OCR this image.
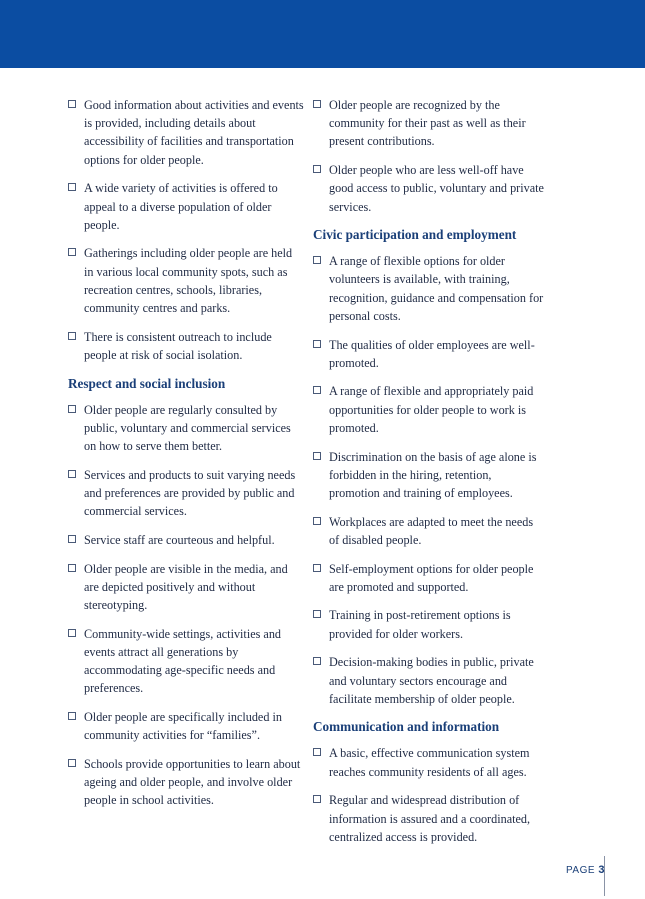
Good information about activities and events is provided, including details about accessibility of facilities and transportation options for older people.
A wide variety of activities is offered to appeal to a diverse population of older people.
Gatherings including older people are held in various local community spots, such as recreation centres, schools, libraries, community centres and parks.
There is consistent outreach to include people at risk of social isolation.
Respect and social inclusion
Older people are regularly consulted by public, voluntary and commercial services on how to serve them better.
Services and products to suit varying needs and preferences are provided by public and commercial services.
Service staff are courteous and helpful.
Older people are visible in the media, and are depicted positively and without stereotyping.
Community-wide settings, activities and events attract all generations by accommodating age-specific needs and preferences.
Older people are specifically included in community activities for “families”.
Schools provide opportunities to learn about ageing and older people, and involve older people in school activities.
Older people are recognized by the community for their past as well as their present contributions.
Older people who are less well-off have good access to public, voluntary and private services.
Civic participation and employment
A range of flexible options for older volunteers is available, with training, recognition, guidance and compensation for personal costs.
The qualities of older employees are well-promoted.
A range of flexible and appropriately paid opportunities for older people to work is promoted.
Discrimination on the basis of age alone is forbidden in the hiring, retention, promotion and training of employees.
Workplaces are adapted to meet the needs of disabled people.
Self-employment options for older people are promoted and supported.
Training in post-retirement options is provided for older workers.
Decision-making bodies in public, private and voluntary sectors encourage and facilitate membership of older people.
Communication and information
A basic, effective communication system reaches community residents of all ages.
Regular and widespread distribution of information is assured and a coordinated, centralized access is provided.
PAGE 3
